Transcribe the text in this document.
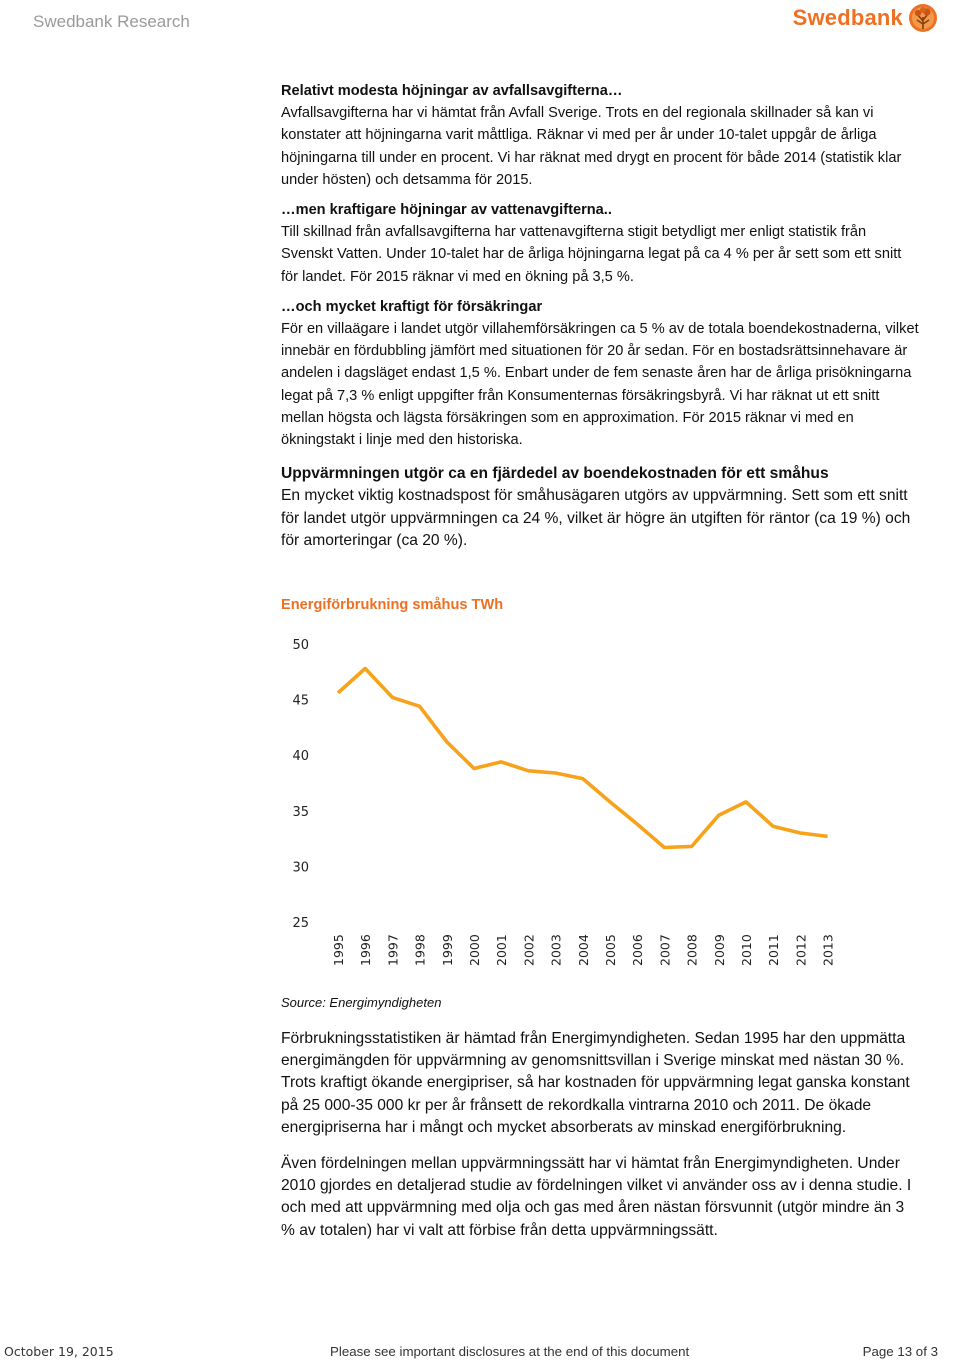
Swedbank Research	Swedbank

Relativt modesta höjningar av avfallsavgifterna…

Avfallsavgifterna har vi hämtat från Avfall Sverige. Trots en del regionala skillnader så kan vi konstater att höjningarna varit måttliga. Räknar vi med per år under 10-talet uppgår de årliga höjningarna till under en procent. Vi har räknat med drygt en procent för både 2014 (statistik klar under hösten) och detsamma för 2015.

…men kraftigare höjningar av vattenavgifterna..

Till skillnad från avfallsavgifterna har vattenavgifterna stigit betydligt mer enligt statistik från Svenskt Vatten. Under 10-talet har de årliga höjningarna legat på ca 4 % per år sett som ett snitt för landet. För 2015 räknar vi med en ökning på 3,5 %.

…och mycket kraftigt för försäkringar

För en villaägare i landet utgör villahemförsäkringen ca 5 % av de totala boendekostnaderna, vilket innebär en fördubbling jämfört med situationen för 20 år sedan. För en bostadsrättsinnehavare är andelen i dagsläget endast 1,5 %. Enbart under de fem senaste åren har de årliga prisökningarna legat på 7,3 % enligt uppgifter från Konsumenternas försäkringsbyrå. Vi har räknat ut ett snitt mellan högsta och lägsta försäkringen som en approximation. För 2015 räknar vi med en ökningstakt i linje med den historiska.

Uppvärmningen utgör ca en fjärdedel av boendekostnaden för ett småhus

En mycket viktig kostnadspost för småhusägaren utgörs av uppvärmning. Sett som ett snitt för landet utgör uppvärmningen ca 24 %, vilket är högre än utgiften för räntor (ca 19 %) och för amorteringar (ca 20 %).

Energiförbrukning småhus TWh
50
45
40
35
30
25
1995 1996 1997 1998 1999 2000 2001 2002 2003 2004 2005 2006 2007 2008 2009 2010 2011 2012 2013
Source: Energimyndigheten

Förbrukningsstatistiken är hämtad från Energimyndigheten. Sedan 1995 har den uppmätta energimängden för uppvärmning av genomsnittsvillan i Sverige minskat med nästan 30 %. Trots kraftigt ökande energipriser, så har kostnaden för uppvärmning legat ganska konstant på 25 000-35 000 kr per år frånsett de rekordkalla vintrarna 2010 och 2011. De ökade energipriserna har i mångt och mycket absorberats av minskad energiförbrukning.

Även fördelningen mellan uppvärmningssätt har vi hämtat från Energimyndigheten. Under 2010 gjordes en detaljerad studie av fördelningen vilket vi använder oss av i denna studie. I och med att uppvärmning med olja och gas med åren nästan försvunnit (utgör mindre än 3 % av totalen) har vi valt att förbise från detta uppvärmningssätt.

October 19, 2015	Please see important disclosures at the end of this document	Page 13 of 3
